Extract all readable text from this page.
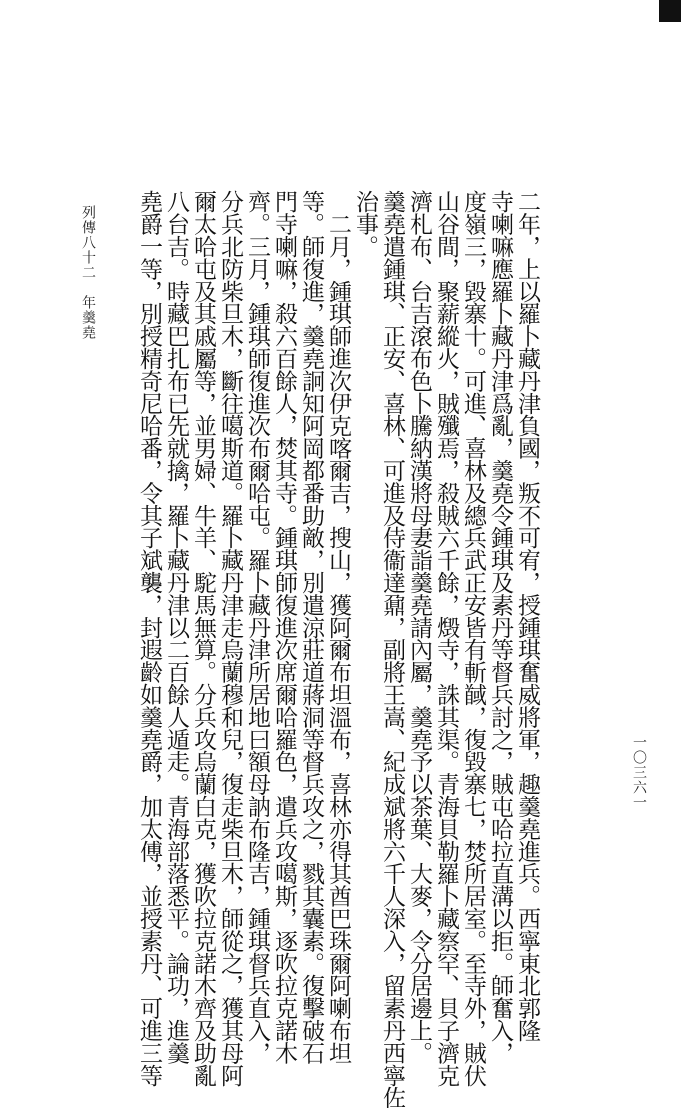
二年，上以羅卜藏丹津負國，叛不可宥，授鍾琪奮威將軍，趣羹堯進兵。西寧東北郭隆
寺喇嘛應羅卜藏丹津爲亂，羹堯令鍾琪及素丹等督兵討之，賊屯哈拉直溝以拒。師奮入，
度嶺三，毀寨十。可進、喜林及總兵武正安皆有斬馘，復毀寨七，焚所居室。至寺外，賊伏
山谷間，聚薪縱火，賊殲焉，殺賊六千餘，燬寺，誅其渠。青海貝勒羅卜藏察罕、貝子濟克
濟札布、台吉滾布色卜騰納漢將母妻詣羹堯請內屬，羹堯予以茶葉、大麥，令分居邊上。
羹堯遣鍾琪、正安、喜林、可進及侍衞達鼐，副將王嵩、紀成斌將六千人深入，留素丹西寧佐
治事。
　二月，鍾琪師進次伊克喀爾吉，搜山，獲阿爾布坦溫布，喜林亦得其酋巴珠爾阿喇布坦
等。師復進，羹堯詗知阿岡都番助敵，別遣涼莊道蔣洞等督兵攻之，戮其囊素。復擊破石
門寺喇嘛，殺六百餘人，焚其寺。鍾琪師復進次席爾哈羅色，遣兵攻噶斯，逐吹拉克諾木
齊。三月，鍾琪師復進次布爾哈屯。羅卜藏丹津所居地曰額母訥布隆吉，鍾琪督兵直入，
分兵北防柴旦木，斷往噶斯道。羅卜藏丹津走烏蘭穆和兒，復走柴旦木，師從之，獲其母阿
爾太哈屯及其戚屬等，並男婦、牛羊、駝馬無算。分兵攻烏蘭白克，獲吹拉克諾木齊及助亂
八台吉。時藏巴扎布已先就擒，羅卜藏丹津以二百餘人遁走。青海部落悉平。論功，進羹
堯爵一等，別授精奇尼哈番，令其子斌襲，封遐齡如羹堯爵，加太傅，並授素丹、可進三等
列傳八十二　年羹堯
一〇三六一
